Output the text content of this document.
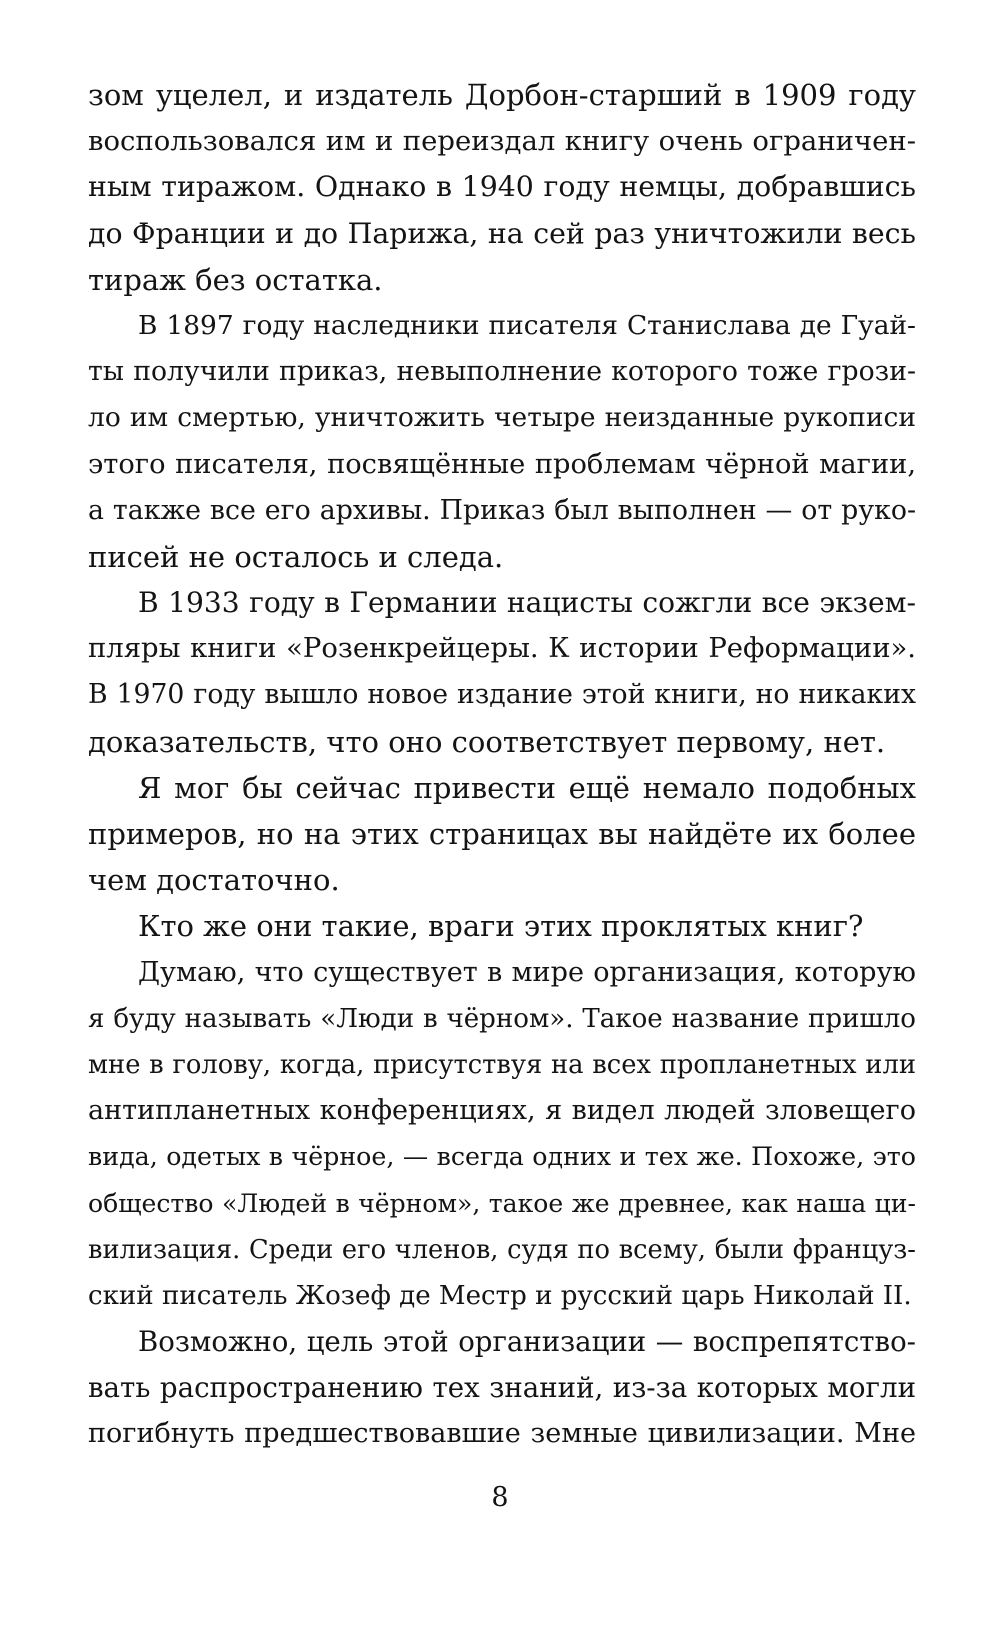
зом уцелел, и издатель Дорбон-старший в 1909 году
воспользовался им и переиздал книгу очень ограничен-
ным тиражом. Однако в 1940 году немцы, добравшись
до Франции и до Парижа, на сей раз уничтожили весь
тираж без остатка.
В 1897 году наследники писателя Станислава де Гуай-
ты получили приказ, невыполнение которого тоже грози-
ло им смертью, уничтожить четыре неизданные рукописи
этого писателя, посвящённые проблемам чёрной магии,
а также все его архивы. Приказ был выполнен — от руко-
писей не осталось и следа.
В 1933 году в Германии нацисты сожгли все экзем-
пляры книги «Розенкрейцеры. К истории Реформации».
В 1970 году вышло новое издание этой книги, но никаких
доказательств, что оно соответствует первому, нет.
Я мог бы сейчас привести ещё немало подобных
примеров, но на этих страницах вы найдёте их более
чем достаточно.
Кто же они такие, враги этих проклятых книг?
Думаю, что существует в мире организация, которую
я буду называть «Люди в чёрном». Такое название пришло
мне в голову, когда, присутствуя на всех пропланетных или
антипланетных конференциях, я видел людей зловещего
вида, одетых в чёрное, — всегда одних и тех же. Похоже, это
общество «Людей в чёрном», такое же древнее, как наша ци-
вилизация. Среди его членов, судя по всему, были француз-
ский писатель Жозеф де Местр и русский царь Николай II.
Возможно, цель этой организации — воспрепятство-
вать распространению тех знаний, из-за которых могли
погибнуть предшествовавшие земные цивилизации. Мне
8
